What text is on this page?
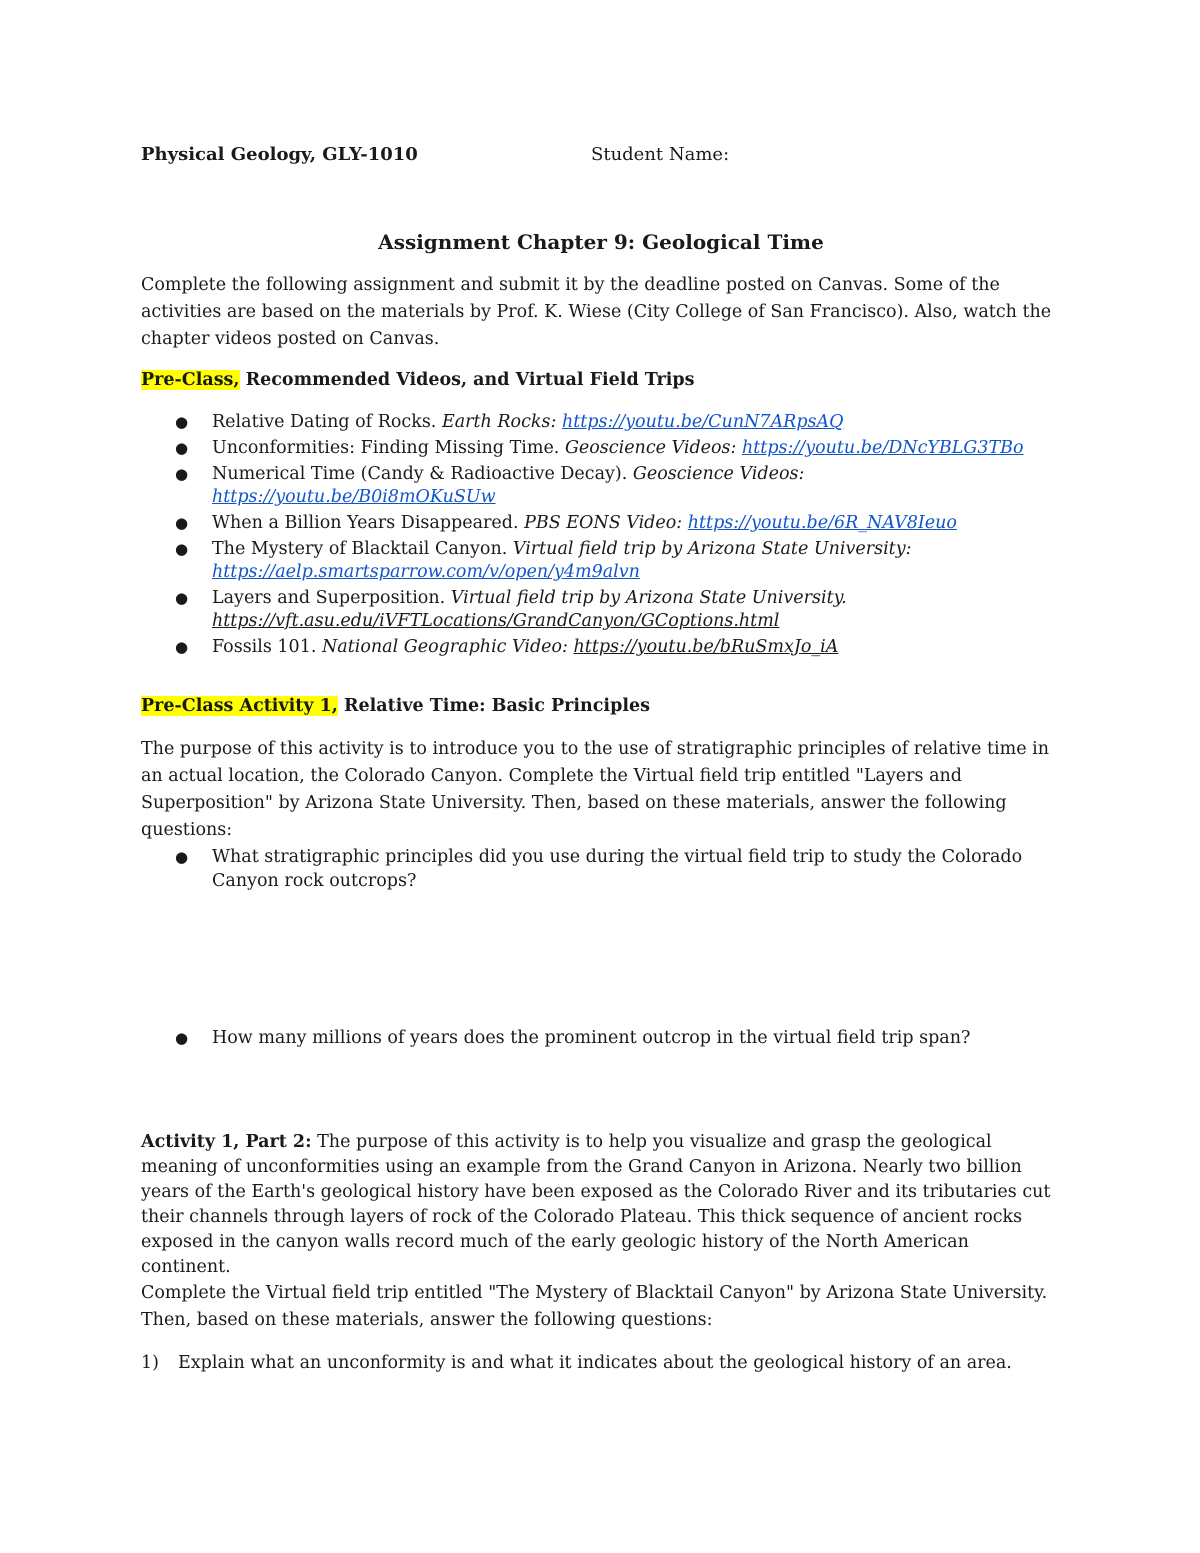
Physical Geology, GLY-1010	Student Name:
Assignment Chapter 9: Geological Time
Complete the following assignment and submit it by the deadline posted on Canvas. Some of the activities are based on the materials by Prof. K. Wiese (City College of San Francisco). Also, watch the chapter videos posted on Canvas.
Pre-Class, Recommended Videos, and Virtual Field Trips
● Relative Dating of Rocks. Earth Rocks: https://youtu.be/CunN7ARpsAQ
● Unconformities: Finding Missing Time. Geoscience Videos: https://youtu.be/DNcYBLG3TBo
● Numerical Time (Candy & Radioactive Decay). Geoscience Videos:
https://youtu.be/B0i8mOKuSUw
● When a Billion Years Disappeared. PBS EONS Video: https://youtu.be/6R_NAV8Ieuo
● The Mystery of Blacktail Canyon. Virtual field trip by Arizona State University:
https://aelp.smartsparrow.com/v/open/y4m9alvn
● Layers and Superposition. Virtual field trip by Arizona State University.
https://vft.asu.edu/iVFTLocations/GrandCanyon/GCoptions.html
● Fossils 101. National Geographic Video: https://youtu.be/bRuSmxJo_iA
Pre-Class Activity 1, Relative Time: Basic Principles
The purpose of this activity is to introduce you to the use of stratigraphic principles of relative time in an actual location, the Colorado Canyon. Complete the Virtual field trip entitled "Layers and Superposition" by Arizona State University. Then, based on these materials, answer the following questions:
● What stratigraphic principles did you use during the virtual field trip to study the Colorado Canyon rock outcrops?
● How many millions of years does the prominent outcrop in the virtual field trip span?
Activity 1, Part 2: The purpose of this activity is to help you visualize and grasp the geological meaning of unconformities using an example from the Grand Canyon in Arizona. Nearly two billion years of the Earth's geological history have been exposed as the Colorado River and its tributaries cut their channels through layers of rock of the Colorado Plateau. This thick sequence of ancient rocks exposed in the canyon walls record much of the early geologic history of the North American continent.
Complete the Virtual field trip entitled "The Mystery of Blacktail Canyon" by Arizona State University. Then, based on these materials, answer the following questions:
1) Explain what an unconformity is and what it indicates about the geological history of an area.
